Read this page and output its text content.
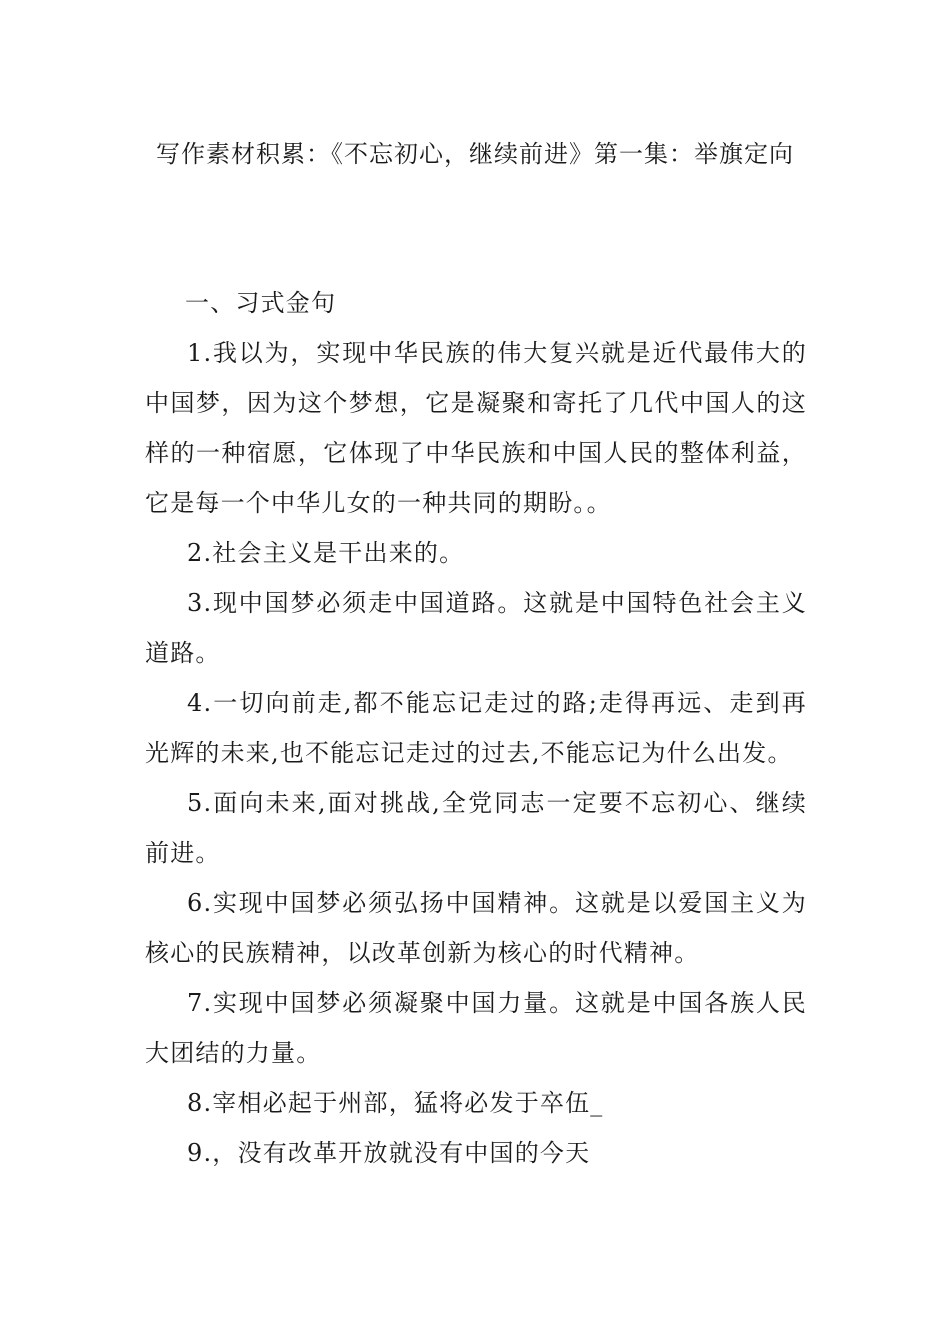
写作素材积累：《不忘初心，继续前进》第一集：举旗定向

一、习式金句

1.我以为，实现中华民族的伟大复兴就是近代最伟大的中国梦，因为这个梦想，它是凝聚和寄托了几代中国人的这样的一种宿愿，它体现了中华民族和中国人民的整体利益，它是每一个中华儿女的一种共同的期盼。。

2.社会主义是干出来的。

3.现中国梦必须走中国道路。这就是中国特色社会主义道路。

4.一切向前走,都不能忘记走过的路;走得再远、走到再光辉的未来,也不能忘记走过的过去,不能忘记为什么出发。

5.面向未来,面对挑战,全党同志一定要不忘初心、继续前进。

6.实现中国梦必须弘扬中国精神。这就是以爱国主义为核心的民族精神，以改革创新为核心的时代精神。

7.实现中国梦必须凝聚中国力量。这就是中国各族人民大团结的力量。

8.宰相必起于州部，猛将必发于卒伍_

9.，没有改革开放就没有中国的今天
